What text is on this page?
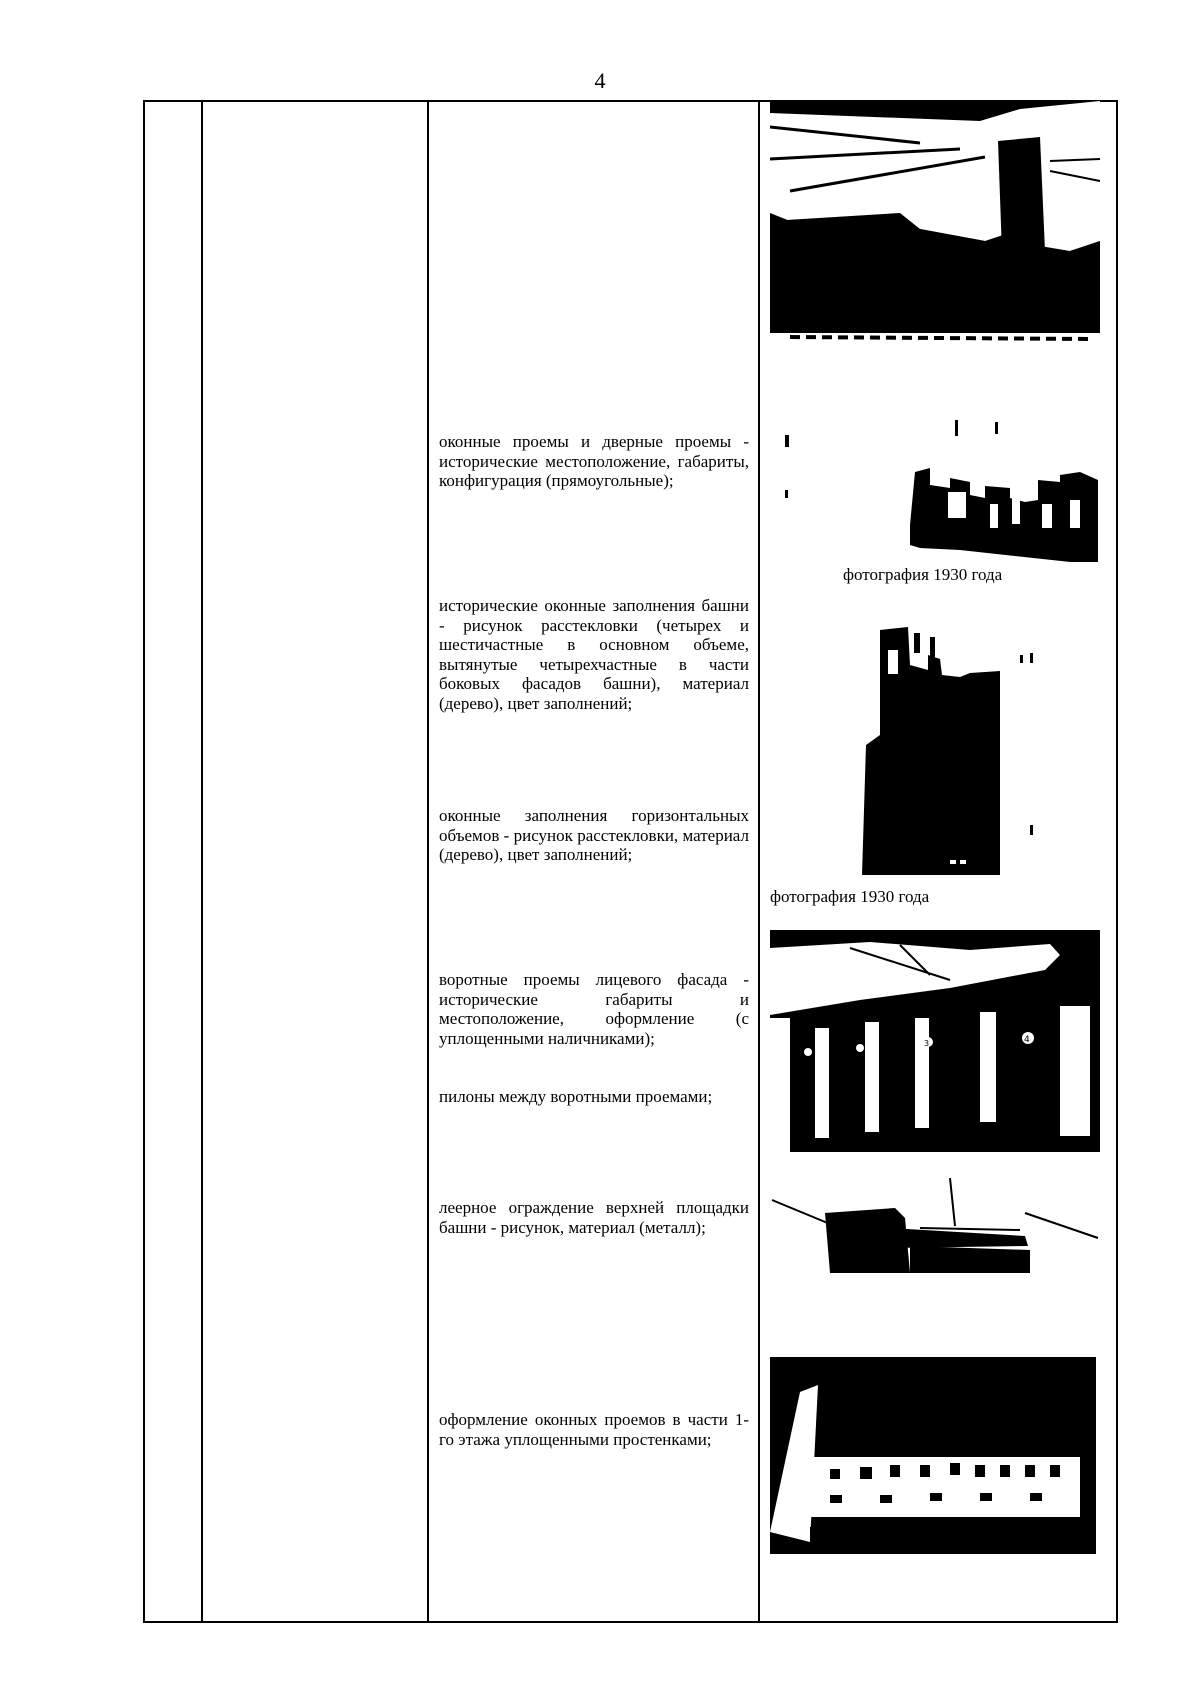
4
оконные проемы и дверные проемы - исторические местоположение, габариты, конфигурация (прямоугольные);
исторические оконные заполнения башни - рисунок расстекловки (четырех и шестичастные в основном объеме, вытянутые четырехчастные в части боковых фасадов башни), материал (дерево), цвет заполнений;
оконные заполнения горизонтальных объемов - рисунок расстекловки, материал (дерево), цвет заполнений;
воротные проемы лицевого фасада - исторические габариты и местоположение, оформление (с уплощенными наличниками);
пилоны между воротными проемами;
леерное ограждение верхней площадки башни - рисунок, материал (металл);
оформление оконных проемов в части 1-го этажа уплощенными простенками;
фотография 1930 года
фотография 1930 года
3	4
